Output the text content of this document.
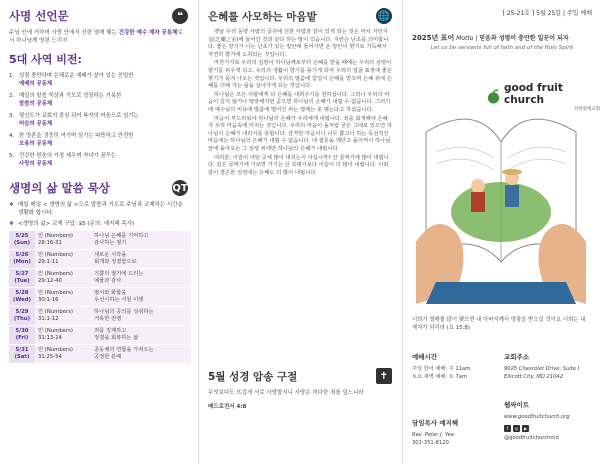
사명 선언문	❝
주님 안에 거하며 사랑 안에서 선한 열매 맺는 건강한 예수 제자 공동체로서 하나님께 영광 드리자
5대 사역 비전:
1. 성령 충만하며 은혜로운 예배가 살아 있는 친밀한
예배의 공동체
2. 매일의 말씀 묵상과 기도로 성장하는 거룩한
말씀의 공동체
3. 평신도가 교회의 중심 되어 복자의 마음으로 섬기는
머슴의 공동체
4. 한 영혼을 귀중히 여기며 섬기는 따뜻하고 안전한
포용의 공동체
5. 건강한 믿음의 가정 세우며 자녀가 꿈꾸는
사랑의 공동체
생명의 삶 말씀 묵상	QT
❖ 매일 매일 < 생명의 삶 >으로 말씀과 기도로 주님과 교제하는 시간을 생활화 합시다.
❖ <생명의 삶> 교재 구입: $5 (문의: 예지혜 목사)
5/25
(Sun)	민 (Numbers)
28:16-31	하나님 은혜를 기억하고
감사하는 절기
5/26
(Mon)	민 (Numbers)
29:1-11	새로운 시작을
회개와 정결함으로
5/27
(Tue)	민 (Numbers)
29:12-40	기쁨의 절기에 드리는
예물과 감사
5/28
(Wed)	민 (Numbers)
30:1-16	절서와 화합을
우선시하는 서원 이행
5/29
(Thu)	민 (Numbers)
31:1-12	하나님의 공의를 성취하는
거룩한 전쟁
5/30
(Fri)	민 (Numbers)
31:13-24	죄를 징계하고
정결을 회복하는 삶
5/31
(Sat)	민 (Numbers)
31:25-54	공동체의 연합을 가져오는
공정한 분배
은혜를 사모하는 마음밭	🌐

옛날 우리 동양 사람의 글귀에 선한 사람과 같이 있게 되는 것은 마치 지란지실(芝蘭之室)에 들어간 것과 같다 하는 말이 있습니다. 지란은 난초를 의미합니다. 좋은 향기가 나는 난초가 있는 방안에 들어가면 온 방안이 향기로 가득해서 자연히 향기에 도취되는 것입니다.

마찬가지로 우리의 심령이 하나님께로부터 은혜를 받을 때에는 우리의 심령이 향기를 피우게 되고, 우리의 생활이 향기를 풍기게 되며 우리의 얼굴 표정에 좋은 향기가 풍겨 나오는 것입니다. 우리의 말씀에 힘입어 은혜를 받으며 은혜 위에 은혜를 더해 가는 삶을 살아가게 되는 것입니다.

하나님은 모든 사람에게 다 은혜를 내려주기를 원하십니다. 그러나 우리의 마음이 깊지 않거나 딱딱해지면 곧으면 하나님의 은혜가 내릴 수 없습니다. 그러기에 예수님의 비유에 말씀에 떨어진 씨는 열매는 못 맺는다고 하셨습니다.

마음이 부드러워야 하나님의 은혜가 우리에게 내립니다. 죄를 회개해야 은혜가 우리 마음속에 미치는 것입니다. 우리의 마음이 돌처럼 굳은 그대로 있으면 하나님의 은혜가 내리지를 못합니다. 감격한 마음이나 너무 뽐고나 하는 독선적인 마음에는 하나님의 은혜가 내릴 수 없습니다. 내 잘못을 깨닫고 돌이켜서 하나님 앞에 돌아오는 그 심령 위에만 하나님의 은혜가 내립니다.

여러분, 이슬이 어떤 곳에 많이 내리는지 아십니까? 산 골짜기에 많이 내립니다. 깊은 골짜기에 가보면 거기는 산 꼭대기보다 이슬이 더 많이 내립니다. 이와 같이 겸손한 심령에는 은혜도 더 많이 내립니다.

5월 성경 암송 구절	✝
무엇보다도 뜨겁게 서로 사랑할지니 사랑은 허다한 죄를 덮느니라
베드로전서 4:8
[ 25-21호 ] 5월 25일 | 주일 예배
2025년 표어 Motto | 믿음과 성령이 충만한 일꾼이 되자
Let us be servants full of faith and of the Holy Spirit
good fruit church
선한열매교회
너희가 열매를 많이 맺으면 내 아버지께서 영광을 받으실 것이요 너희는 내 제자가 되리라 (요 15:8)
예배시간
주일 한어 예배: 주 11am
토요 새벽 예배: 토 7am
교회주소
9025 Chevrolet Drive, Suite I
Ellicott City, MD 21042
담임목사 예지혜
Rev. Peter J. Yea
301-351-8120
웹싸이트
www.goodfruitchurch.org
f	◎	▶
@goodfruitchurchmd
